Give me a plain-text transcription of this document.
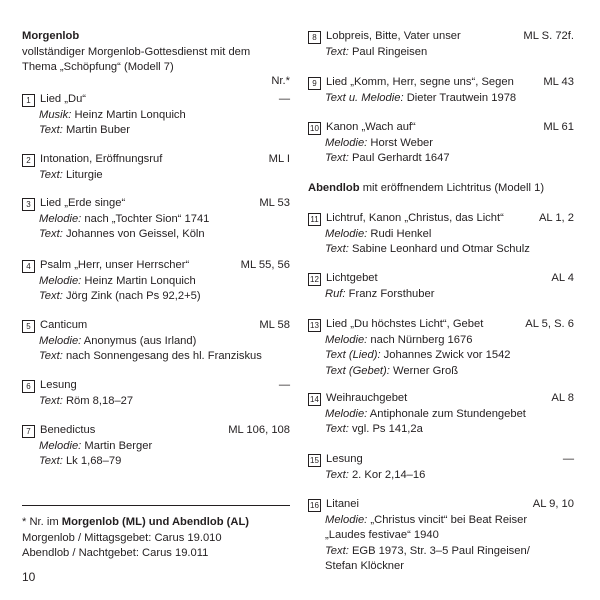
Morgenlob
vollständiger Morgenlob-Gottesdienst mit dem
Thema „Schöpfung“ (Modell 7)
Nr.*
1 Lied „Du“	—
Musik: Heinz Martin Lonquich
Text: Martin Buber
2 Intonation, Eröffnungsruf	ML I
Text: Liturgie
3 Lied „Erde singe“	ML 53
Melodie: nach „Tochter Sion“ 1741
Text: Johannes von Geissel, Köln
4 Psalm „Herr, unser Herrscher“	ML 55, 56
Melodie: Heinz Martin Lonquich
Text: Jörg Zink (nach Ps 92,2+5)
5 Canticum	ML 58
Melodie: Anonymus (aus Irland)
Text: nach Sonnengesang des hl. Franziskus
6 Lesung	—
Text: Röm 8,18–27
7 Benedictus	ML 106, 108
Melodie: Martin Berger
Text: Lk 1,68–79
* Nr. im Morgenlob (ML) und Abendlob (AL)
Morgenlob / Mittagsgebet: Carus 19.010
Abendlob / Nachtgebet: Carus 19.011
8 Lobpreis, Bitte, Vater unser	ML S. 72f.
Text: Paul Ringeisen
9 Lied „Komm, Herr, segne uns“, Segen	ML 43
Text u. Melodie: Dieter Trautwein 1978
10 Kanon „Wach auf“	ML 61
Melodie: Horst Weber
Text: Paul Gerhardt 1647
Abendlob mit eröffnendem Lichtritus (Modell 1)
11 Lichtruf, Kanon „Christus, das Licht“	AL 1, 2
Melodie: Rudi Henkel
Text: Sabine Leonhard und Otmar Schulz
12 Lichtgebet	AL 4
Ruf: Franz Forsthuber
13 Lied „Du höchstes Licht“, Gebet	AL 5, S. 6
Melodie: nach Nürnberg 1676
Text (Lied): Johannes Zwick vor 1542
Text (Gebet): Werner Groß
14 Weihrauchgebet	AL 8
Melodie: Antiphonale zum Stundengebet
Text: vgl. Ps 141,2a
15 Lesung	—
Text: 2. Kor 2,14–16
16 Litanei	AL 9, 10
Melodie: „Christus vincit“ bei Beat Reiser
„Laudes festivae“ 1940
Text: EGB 1973, Str. 3–5 Paul Ringeisen/
Stefan Klöckner
10
